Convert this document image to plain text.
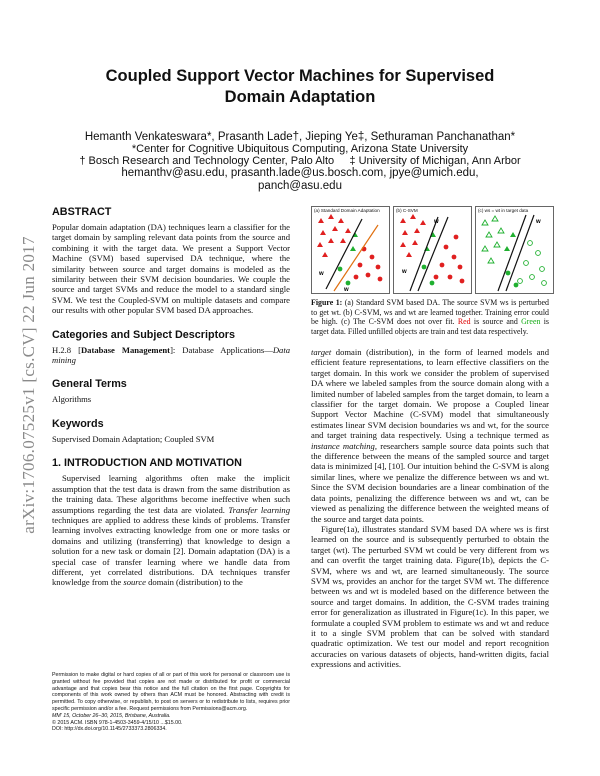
Coupled Support Vector Machines for Supervised
Domain Adaptation
Hemanth Venkateswara*, Prasanth Lade†, Jieping Ye‡, Sethuraman Panchanathan*
*Center for Cognitive Ubiquitous Computing, Arizona State University
† Bosch Research and Technology Center, Palo Alto     ‡ University of Michigan, Ann Arbor
hemanthv@asu.edu, prasanth.lade@us.bosch.com, jpye@umich.edu,
panch@asu.edu
arXiv:1706.07525v1 [cs.CV] 22 Jun 2017
ABSTRACT

Popular domain adaptation (DA) techniques learn a classifier for the target domain by sampling relevant data points from the source and combining it with the target data. We present a Support Vector Machine (SVM) based supervised DA technique, where the similarity between source and target domains is modeled as the similarity between their SVM decision boundaries. We couple the source and target SVMs and reduce the model to a standard single SVM. We test the Coupled-SVM on multiple datasets and compare our results with other popular SVM based DA approaches.

Categories and Subject Descriptors

H.2.8 [Database Management]: Database Applications—Data mining

General Terms

Algorithms

Keywords

Supervised Domain Adaptation; Coupled SVM

1. INTRODUCTION AND MOTIVATION

Supervised learning algorithms often make the implicit assumption that the test data is drawn from the same distribution as the training data. These algorithms become ineffective when such assumptions regarding the test data are violated. Transfer learning techniques are applied to address these kinds of problems. Transfer learning involves extracting knowledge from one or more tasks or domains and utilizing (transferring) that knowledge to design a solution for a new task or domain [2]. Domain adaptation (DA) is a special case of transfer learning where we handle data from different, yet correlated distributions. DA techniques transfer knowledge from the source domain (distribution) to the

Permission to make digital or hard copies of all or part of this work for personal or classroom use is granted without fee provided that copies are not made or distributed for profit or commercial advantage and that copies bear this notice and the full citation on the first page. Copyrights for components of this work owned by others than ACM must be honored. Abstracting with credit is permitted. To copy otherwise, or republish, to post on servers or to redistribute to lists, requires prior specific permission and/or a fee. Request permissions from Permissions@acm.org.

MM' 15, October 26–30, 2015, Brisbane, Australia.

© 2015 ACM. ISBN 978-1-4503-3459-4/15/10 ...$15.00.

DOI: http://dx.doi.org/10.1145/2733373.2806334.

w
w
(a) Standard Domain Adaptation
w
w
(b) C-SVM
w
(c) ws = wt in target data

Figure 1: (a) Standard SVM based DA. The source SVM ws is perturbed to get wt. (b) C-SVM, ws and wt are learned together. Training error could be high. (c) The C-SVM does not over fit. Red is source and Green is target data. Filled unfilled objects are train and test data respectively.

target domain (distribution), in the form of learned models and efficient feature representations, to learn effective classifiers on the target domain. In this work we consider the problem of supervised DA where we labeled samples from the source domain along with a limited number of labeled samples from the target domain, to learn a classifier for the target domain. We propose a Coupled linear Support Vector Machine (C-SVM) model that simultaneously estimates linear SVM decision boundaries ws and wt, for the source and target training data respectively. Using a technique termed as instance matching, researchers sample source data points such that the difference between the means of the sampled source and target data is minimized [4], [10]. Our intuition behind the C-SVM is along similar lines, where we penalize the difference between ws and wt. Since the SVM decision boundaries are a linear combination of the data points, penalizing the difference between ws and wt, can be viewed as penalizing the difference between the weighted means of the source and target data points.

Figure(1a), illustrates standard SVM based DA where ws is first learned on the source and is subsequently perturbed to obtain the target (wt). The perturbed SVM wt could be very different from ws and can overfit the target training data. Figure(1b), depicts the C-SVM, where ws and wt, are learned simultaneously. The source SVM ws, provides an anchor for the target SVM wt. The difference between ws and wt is modeled based on the difference between the source and target domains. In addition, the C-SVM trades training error for generalization as illustrated in Figure(1c). In this paper, we formulate a coupled SVM problem to estimate ws and wt and reduce it to a single SVM problem that can be solved with standard quadratic optimization. We test our model and report recognition accuracies on various datasets of objects, hand-written digits, facial expressions and activities.
